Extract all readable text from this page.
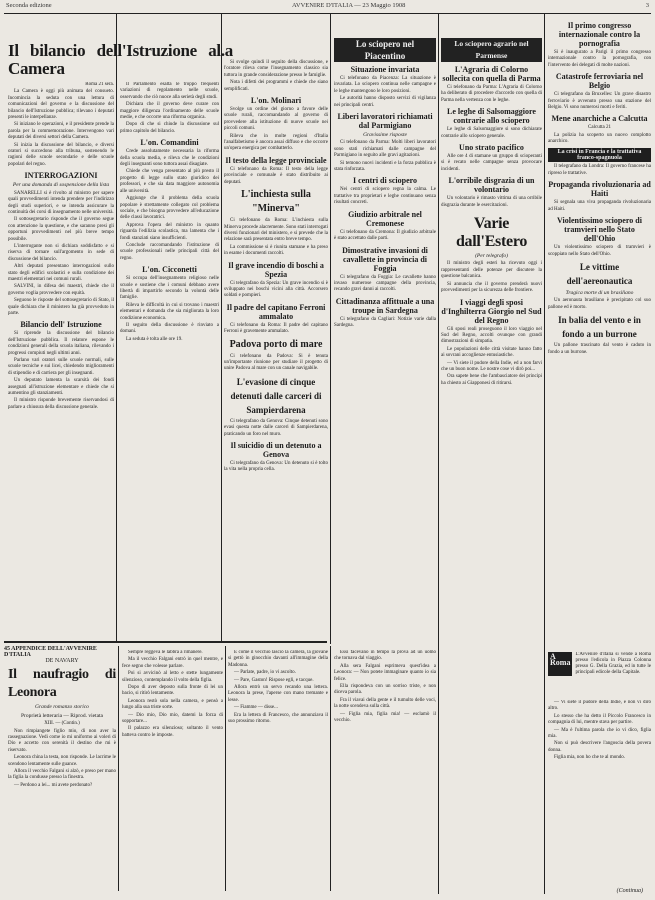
Seconda edizione	AVVENIRE D'ITALIA — 23 Maggio 1908	3
Il bilancio dell'Istruzione al.a Camera
Roma 21 sera.

La Camera è oggi più animata del consueto. Incomincia la seduta con una lettura di comunicazioni del governo e la discussione del bilancio dell'Istruzione pubblica; rilevano i deputati presenti le interpellanze.

Si iniziano le operazioni, e il presidente prende la parola per la commemorazione. Intervengono vari deputati dei diversi settori della Camera.

Si inizia la discussione del bilancio, e diversi oratori si succedono alla tribuna, sostenendo le ragioni delle scuole secondarie e delle scuole popolari del regno.

INTERROGAZIONI
Per una domanda di sospensione della lista

SANARELLI si è rivolto al ministro per sapere quali provvedimenti intenda prendere per l'indirizzo degli studi superiori, e se intenda assicurare la continuità dei corsi di insegnamento nelle università.

Il sottosegretario risponde che il governo segue con attenzione la questione, e che saranno presi gli opportuni provvedimenti nel più breve tempo possibile.

L'interrogante non si dichiara soddisfatto e si riserva di tornare sull'argomento in sede di discussione del bilancio.

Altri deputati presentano interrogazioni sullo stato degli edifici scolastici e sulla condizione dei maestri elementari nei comuni rurali.

SALVINI, in difesa dei maestri, chiede che il governo voglia provvedere con equità.

Seguono le risposte del sottosegretario di Stato, il quale dichiara che il ministero ha già provveduto in parte.

Bilancio dell' Istruzione

Si riprende la discussione del bilancio dell'Istruzione pubblica. Il relatore espone le condizioni generali della scuola italiana, rilevando i progressi compiuti negli ultimi anni.

Parlano vari oratori sulle scuole normali, sulle scuole tecniche e sui licei, chiedendo miglioramenti di stipendio e di carriera per gli insegnanti.

Un deputato lamenta la scarsità dei fondi assegnati all'istruzione elementare e chiede che si aumentino gli stanziamenti.

Il ministro risponde brevemente riservandosi di parlare a chiusura della discussione generale.

Il Parlamento esalta le troppo frequenti variazioni di regolamento nelle scuole, osservando che ciò nuoce alla serietà degli studi.

Dichiara che il governo deve curare con maggiore diligenza l'ordinamento delle scuole medie, e che occorre una riforma organica.

Dopo di che si chiude la discussione sul primo capitolo del bilancio.

L'on. Comandini

Crede assolutamente necessaria la riforma della scuola media, e rileva che le condizioni degli insegnanti sono tuttora assai disagiate.

Chiede che venga presentato al più presto il progetto di legge sullo stato giuridico dei professori, e che sia data maggiore autonomia alle università.

Aggiunge che il problema della scuola popolare è strettamente collegato col problema sociale, e che bisogna provvedere all'educazione delle classi lavoratrici.

Approva l'opera del ministro in quanto riguarda l'edilizia scolastica, ma lamenta che i fondi stanziati siano insufficienti.

Conclude raccomandando l'istituzione di scuole professionali nelle principali città del regno.

L'on. Cicconetti

Si occupa dell'insegnamento religioso nelle scuole e sostiene che i comuni debbano avere libertà di impartirlo secondo la volontà delle famiglie.

Rileva le difficoltà in cui si trovano i maestri elementari e domanda che sia migliorata la loro condizione economica.

Il seguito della discussione è rinviato a domani.

La seduta è tolta alle ore 19.

Si svolge quindi il seguito della discussione, e l'oratore rileva come l'insegnamento classico sia tuttora in grande considerazione presso le famiglie.

Nota i difetti dei programmi e chiede che siano semplificati.

L'on. Molinari

Svolge un ordine del giorno a favore delle scuole rurali, raccomandando al governo di provvedere alla istituzione di nuove scuole nei piccoli comuni.

Rileva che in molte regioni d'Italia l'analfabetismo è ancora assai diffuso e che occorre un'opera energica per combatterlo.

Il testo della legge provinciale

Ci telefonano da Roma: Il testo della legge provinciale e comunale è stato distribuito ai deputati.

L'inchiesta sulla "Minerva"

Ci telefonano da Roma: L'inchiesta sulla Minerva procede alacremente. Sono stati interrogati diversi funzionari del ministero, e si prevede che la relazione sarà presentata entro breve tempo.

La commissione si è riunita stamane e ha preso in esame i documenti raccolti.

Il grave incendio di boschi a Spezia

Ci telegrafano da Spezia: Un grave incendio si è sviluppato nei boschi vicini alla città. Accorsero soldati e pompieri.

Il padre del capitano Ferroni ammalato

Ci telefonano da Roma: Il padre del capitano Ferroni è gravemente ammalato.

Padova porto di mare

Ci telefonano da Padova: Si è tenuta un'importante riunione per studiare il progetto di unire Padova al mare con un canale navigabile.

L'evasione di cinque detenuti dalle carceri di Sampierdarena

Ci telegrafano da Genova: Cinque detenuti sono evasi questa notte dalle carceri di Sampierdarena, praticando un foro nel muro.

Il suicidio di un detenuto a Genova

Ci telegrafano da Genova: Un detenuto si è tolto la vita nella propria cella.

Lo sciopero nel Piacentino
Situazione invariata

Ci telefonano da Piacenza: La situazione è invariata. Lo sciopero continua nelle campagne e le leghe mantengono le loro posizioni.

Le autorità hanno disposto servizi di vigilanza nei principali centri.

Liberi lavoratori richiamati dal Parmigiano
Gravissime risposte

Ci telefonano da Parma: Molti liberi lavoratori sono stati richiamati dalle campagne del Parmigiano in seguito alle gravi agitazioni.

Si temono nuovi incidenti e la forza pubblica è stata rinforzata.

I centri di sciopero

Nei centri di sciopero regna la calma. Le trattative tra proprietari e leghe continuano senza risultati concreti.

Giudizio arbitrale nel Cremonese

Ci telefonano da Cremona: Il giudizio arbitrale è stato accettato dalle parti.

Dimostrative invasioni di cavallette in provincia di Foggia

Ci telegrafano da Foggia: Le cavallette hanno invaso numerose campagne della provincia, recando gravi danni ai raccolti.

Cittadinanza affittuale a una troupe in Sardegna

Ci telegrafano da Cagliari: Notizie varie dalla Sardegna.

Lo sciopero agrario nel Parmense
L'Agraria di Colorno sollecita con quella di Parma

Ci telefonano da Parma: L'Agraria di Colorno ha deliberato di procedere d'accordo con quella di Parma nella vertenza con le leghe.

Le leghe di Salsomaggiore contrarie allo sciopero

Le leghe di Salsomaggiore si sono dichiarate contrarie allo sciopero generale.

Uno strato pacifico

Alle ore 4 di stamane un gruppo di scioperanti si è recato nelle campagne senza provocare incidenti.

L'orribile disgrazia di un volontario

Un volontario è rimasto vittima di una orribile disgrazia durante le esercitazioni.

Varie dall'Estero
(Per telegrafo)

Il ministro degli esteri ha ricevuto oggi i rappresentanti delle potenze per discutere la questione balcanica.

Si annuncia che il governo prenderà nuovi provvedimenti per la sicurezza delle frontiere.

I viaggi degli sposi d'Inghilterra Giorgio nel Sud del Regno

Gli sposi reali proseguono il loro viaggio nel Sud del Regno, accolti ovunque con grandi dimostrazioni di simpatia.

Le popolazioni delle città visitate hanno fatto ai sovrani accoglienze entusiastiche.

— Vi siete il pudore della Indie, ed a non farvi che un buon nome. Le nostre cose vi dirò poi...

Ora sapete bene che l'ambasciatore dei principi ha chiesto ai Giapponesi di ritirarsi.

Il primo congresso internazionale contro la pornografia

Si è inaugurato a Parigi il primo congresso internazionale contro la pornografia, con l'intervento dei delegati di molte nazioni.

Catastrofe ferroviaria nel Belgio

Ci telegrafano da Bruxelles: Un grave disastro ferroviario è avvenuto presso una stazione del Belgio. Vi sono numerosi morti e feriti.

Mene anarchiche a Calcutta
Calcutta 21

La polizia ha scoperto un nuovo complotto anarchico.

La crisi in Francia e la trattativa franco-spagnuola

Il telegrafano da Londra: Il governo francese ha ripreso le trattative.

Propaganda rivoluzionaria ad Haiti

Si segnala una viva propaganda rivoluzionaria ad Haiti.

Violentissimo sciopero di tramvieri nello Stato dell'Ohio

Un violentissimo sciopero di tramvieri è scoppiato nello Stato dell'Ohio.

Le vittime dell'aereonautica
Tragica morte di un brasiliano

Un aeronauta brasiliano è precipitato col suo pallone ed è morto.

In balia del vento e in fondo a un burrone

Un pallone trascinato dal vento è caduto in fondo a un burrone.

A Roma
L'Avvenire d'Italia si vende a Roma presso l'edicola in Piazza Colonna presso G. Della Grazia, ed in tutte le principali edicole della Capitale.
45 APPENDICE DELL'AVVENIRE D'ITALIA
DE NAVARY
Il naufragio di Leonora
Grande romanzo storico
Proprietà letteraria — Riprod. vietata
XIII. — (Contin.)

Non rimpiangete figlio mio, di non aver la rassegnazione. Vedi come io mi uniformo ai voleri di Dio e accetto con serenità il destino che mi è riservato.

Leonora china la testa, non risponde. Le lacrime le scendono lentamente sulle guance.

Allora il vecchio Falgani si alzò, e preso per mano la figlia la condusse presso la finestra.

— Perdono a lei... mi avete perdonato?

Sempre reggeva le labbra a rimanere.

Ma il vecchio Falgani entrò in quel mentre, e fece segno che volesse parlare.

Poi si avvicinò al letto e stette lungamente silenzioso, contemplando il volto della figlia.

Dopo di aver deposto sulla fronte di lei un bacio, si ritirò lentamente.

Leonora restò sola nella camera, e pensò a lungo alla sua triste sorte.

— Dio mio, Dio mio, datemi la forza di sopportare...

Il palazzo era silenzioso; soltanto il vento batteva contro le imposte.

E come il vecchio lasciò la camera, la giovane si gettò in ginocchio davanti all'immagine della Madonna.

— Parlate, padre, io vi ascolto.

— Pare, Gaston! Rispose egli, e tacque.

Allora entrò un servo recando una lettera. Leonora la prese, l'aperse con mano tremante e lesse.

— Fiamme — disse...

Era la lettera di Francesco, che annunziava il suo prossimo ritorno.

Essi facevano in tempo la prova ad un uomo che tornava dal viaggio.

Alla sera Falgani esprimeva quest'idea a Leonora: — Non potete immaginare quanto io sia felice.

Ella rispondeva con un sorriso triste, e non diceva parola.

Fra il viavai della gente e il tumulto delle voci, la notte scendeva sulla città.

— Figlia mia, figlia mia! — esclamò il vecchio.

— Vi siete il pudore della Indie, e non vi dirò altro.

Lo stesso che ha detto il Piccolo Francesco in compagnia di lui, mentre stava per partire.

— Ma è l'ultima parola che io vi dico, figlia mia.

Non si può descrivere l'angoscia della povera donna.

Figlia mia, non ho che te al mondo.

(Continua)
